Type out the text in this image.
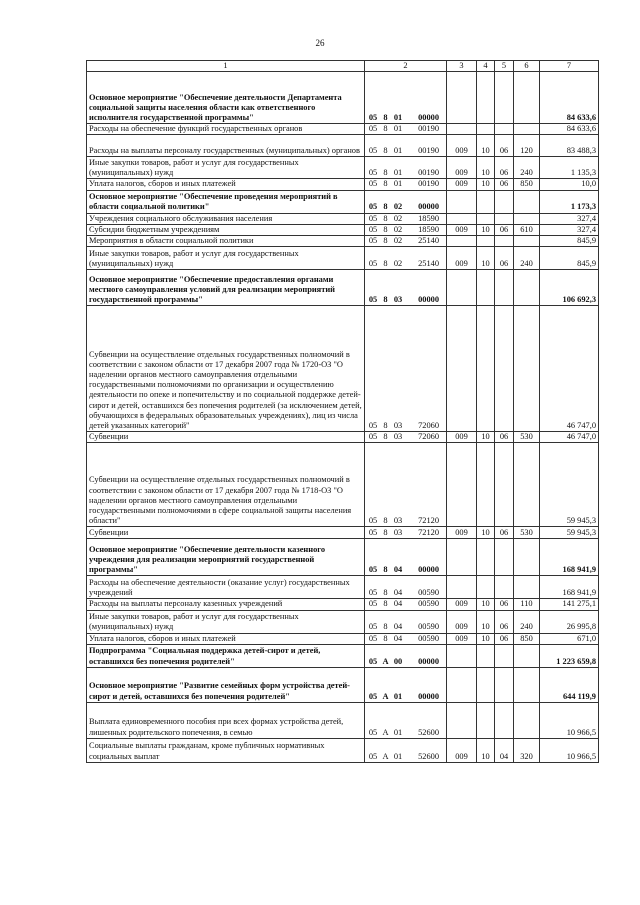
26
1	2	3	4	5	6	7
Основное мероприятие "Обеспечение деятельности Департамента социальной защиты населения области как ответственного исполнителя государственной программы"	05 8 01 00000					84 633,6
Расходы на обеспечение функций государственных органов	05 8 01 00190					84 633,6
Расходы на выплаты персоналу государственных (муниципальных) органов	05 8 01 00190	009	10	06	120	83 488,3
Иные закупки товаров, работ и услуг для государственных (муниципальных) нужд	05 8 01 00190	009	10	06	240	1 135,3
Уплата налогов, сборов и иных платежей	05 8 01 00190	009	10	06	850	10,0
Основное мероприятие "Обеспечение проведения мероприятий в области социальной политики"	05 8 02 00000					1 173,3
Учреждения социального обслуживания населения	05 8 02 18590					327,4
Субсидии бюджетным учреждениям	05 8 02 18590	009	10	06	610	327,4
Мероприятия в области социальной политики	05 8 02 25140					845,9
Иные закупки товаров, работ и услуг для государственных (муниципальных) нужд	05 8 02 25140	009	10	06	240	845,9
Основное мероприятие "Обеспечение предоставления органами местного самоуправления условий для реализации мероприятий государственной программы"	05 8 03 00000					106 692,3
Субвенции на осуществление отдельных государственных полномочий в соответствии с законом области от 17 декабря 2007 года № 1720-ОЗ "О наделении органов местного самоуправления отдельными государственными полномочиями по организации и осуществлению деятельности по опеке и попечительству и по социальной поддержке детей-сирот и детей, оставшихся без попечения родителей (за исключением детей, обучающихся в федеральных образовательных учреждениях), лиц из числа детей указанных категорий"	05 8 03 72060					46 747,0
Субвенции	05 8 03 72060	009	10	06	530	46 747,0
Субвенции на осуществление отдельных государственных полномочий в соответствии с законом области от 17 декабря 2007 года № 1718-ОЗ "О наделении органов местного самоуправления отдельными государственными полномочиями в сфере социальной защиты населения области"	05 8 03 72120					59 945,3
Субвенции	05 8 03 72120	009	10	06	530	59 945,3
Основное мероприятие "Обеспечение деятельности казенного учреждения для реализации мероприятий государственной программы"	05 8 04 00000					168 941,9
Расходы на обеспечение деятельности (оказание услуг) государственных учреждений	05 8 04 00590					168 941,9
Расходы на выплаты персоналу казенных учреждений	05 8 04 00590	009	10	06	110	141 275,1
Иные закупки товаров, работ и услуг для государственных (муниципальных) нужд	05 8 04 00590	009	10	06	240	26 995,8
Уплата налогов, сборов и иных платежей	05 8 04 00590	009	10	06	850	671,0
Подпрограмма "Социальная поддержка детей-сирот и детей, оставшихся без попечения родителей"	05 А 00 00000					1 223 659,8
Основное мероприятие "Развитие семейных форм устройства детей-сирот и детей, оставшихся без попечения родителей"	05 А 01 00000					644 119,9
Выплата единовременного пособия при всех формах устройства детей, лишенных родительского попечения, в семью	05 А 01 52600					10 966,5
Социальные выплаты гражданам, кроме публичных нормативных социальных выплат	05 А 01 52600	009	10	04	320	10 966,5
